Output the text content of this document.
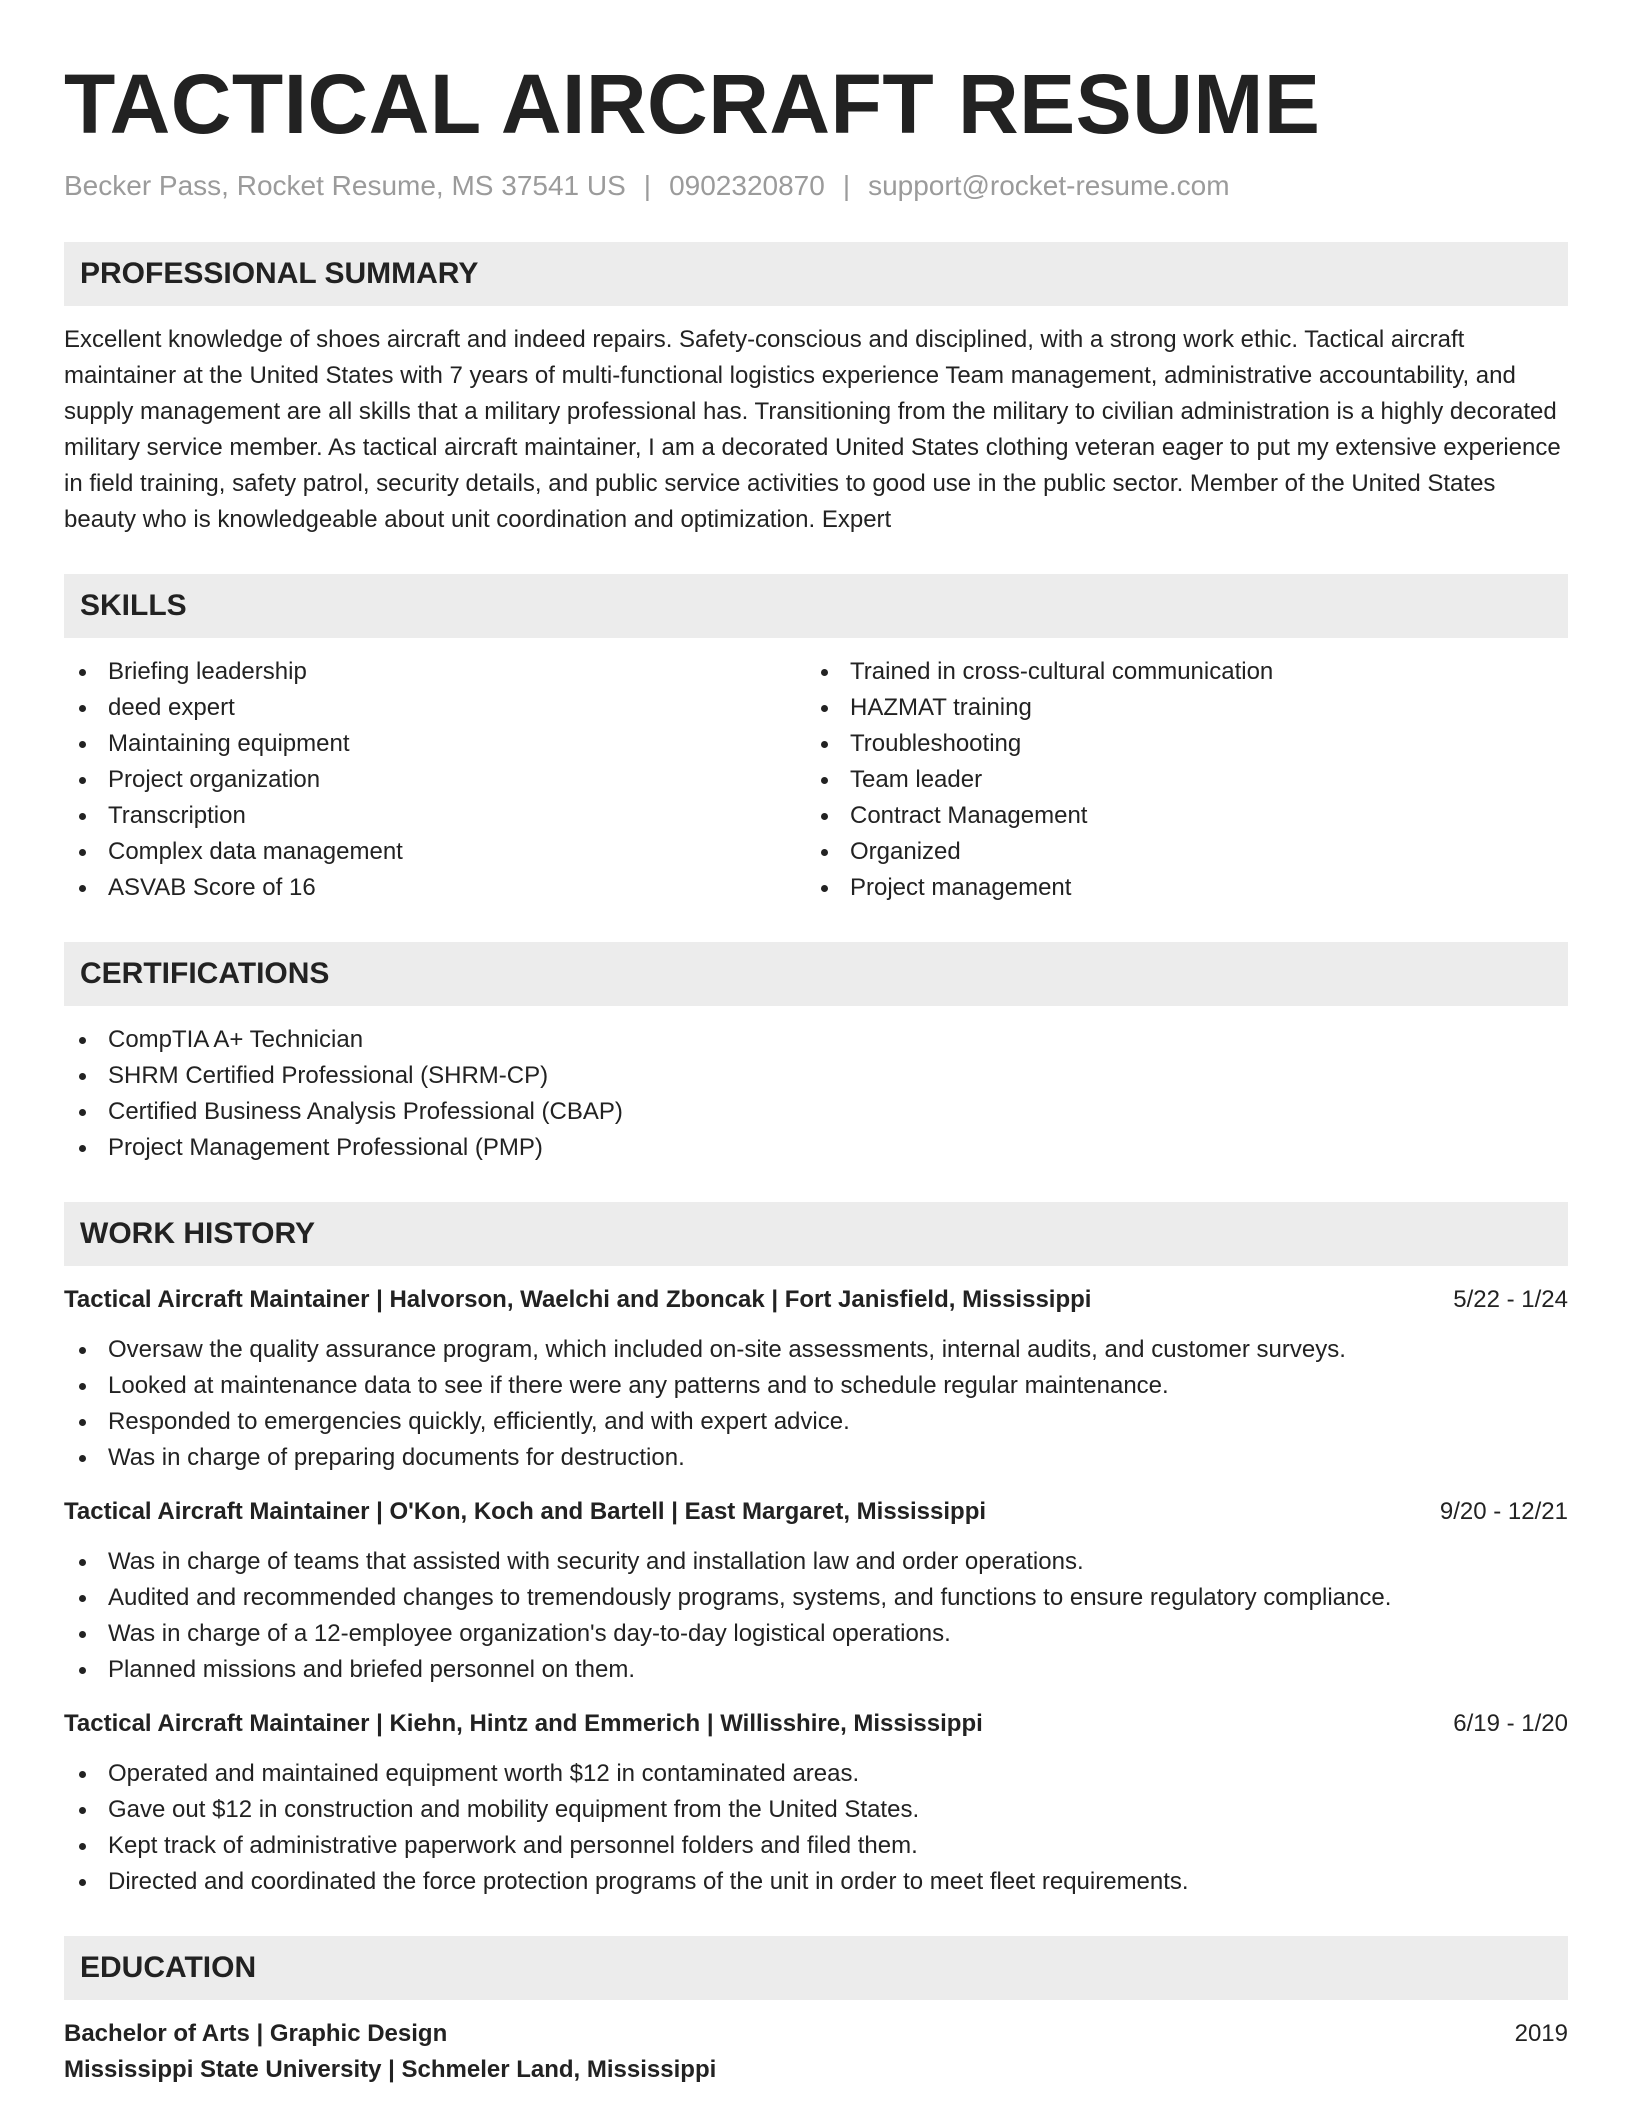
TACTICAL AIRCRAFT RESUME
Becker Pass, Rocket Resume, MS 37541 US | 0902320870 | support@rocket-resume.com
PROFESSIONAL SUMMARY

Excellent knowledge of shoes aircraft and indeed repairs. Safety-conscious and disciplined, with a strong work ethic. Tactical aircraft maintainer at the United States with 7 years of multi-functional logistics experience Team management, administrative accountability, and supply management are all skills that a military professional has. Transitioning from the military to civilian administration is a highly decorated military service member. As tactical aircraft maintainer, I am a decorated United States clothing veteran eager to put my extensive experience in field training, safety patrol, security details, and public service activities to good use in the public sector. Member of the United States beauty who is knowledgeable about unit coordination and optimization. Expert

SKILLS
Briefing leadership
deed expert
Maintaining equipment
Project organization
Transcription
Complex data management
ASVAB Score of 16
Trained in cross-cultural communication
HAZMAT training
Troubleshooting
Team leader
Contract Management
Organized
Project management
CERTIFICATIONS
CompTIA A+ Technician
SHRM Certified Professional (SHRM-CP)
Certified Business Analysis Professional (CBAP)
Project Management Professional (PMP)
WORK HISTORY
Tactical Aircraft Maintainer | Halvorson, Waelchi and Zboncak | Fort Janisfield, Mississippi	5/22 - 1/24
Oversaw the quality assurance program, which included on-site assessments, internal audits, and customer surveys.
Looked at maintenance data to see if there were any patterns and to schedule regular maintenance.
Responded to emergencies quickly, efficiently, and with expert advice.
Was in charge of preparing documents for destruction.
Tactical Aircraft Maintainer | O'Kon, Koch and Bartell | East Margaret, Mississippi	9/20 - 12/21
Was in charge of teams that assisted with security and installation law and order operations.
Audited and recommended changes to tremendously programs, systems, and functions to ensure regulatory compliance.
Was in charge of a 12-employee organization's day-to-day logistical operations.
Planned missions and briefed personnel on them.
Tactical Aircraft Maintainer | Kiehn, Hintz and Emmerich | Willisshire, Mississippi	6/19 - 1/20
Operated and maintained equipment worth $12 in contaminated areas.
Gave out $12 in construction and mobility equipment from the United States.
Kept track of administrative paperwork and personnel folders and filed them.
Directed and coordinated the force protection programs of the unit in order to meet fleet requirements.
EDUCATION
Bachelor of Arts | Graphic Design	2019
Mississippi State University | Schmeler Land, Mississippi
